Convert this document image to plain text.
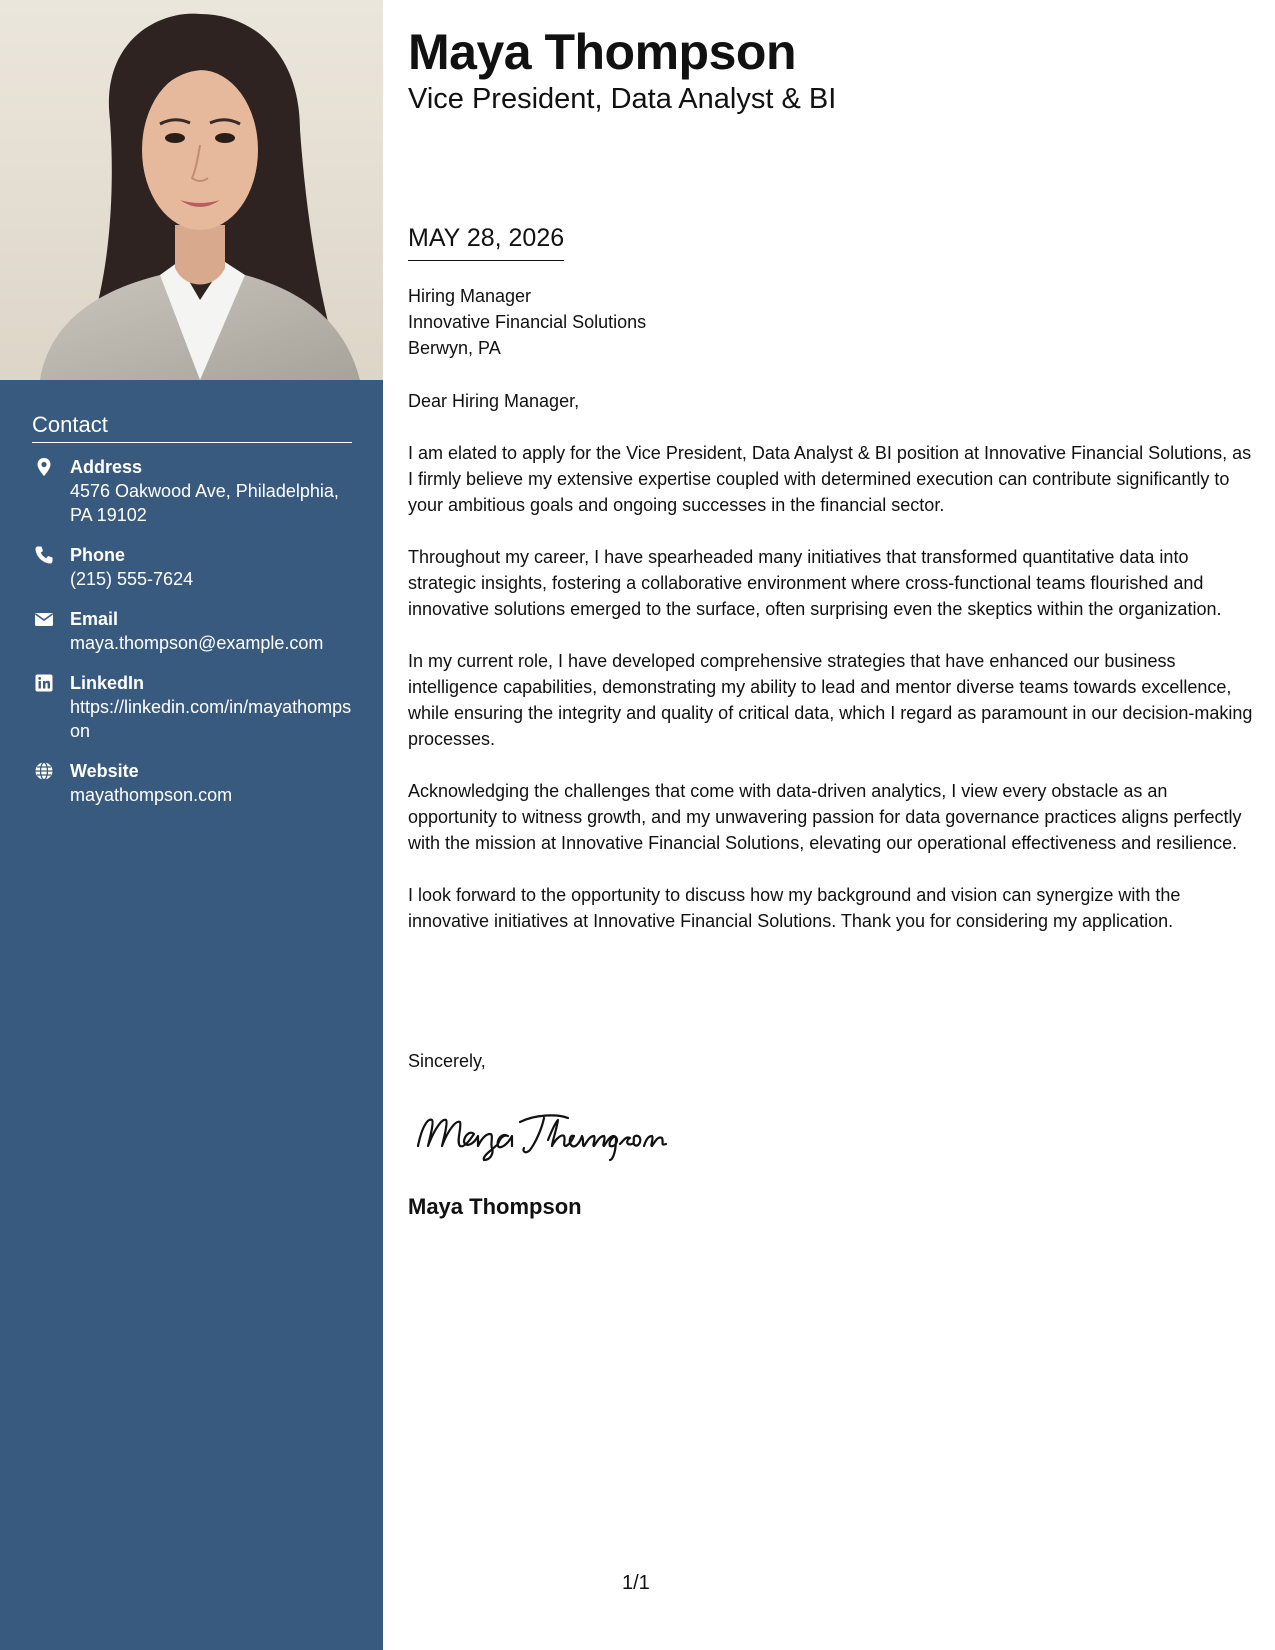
Contact
Address
4576 Oakwood Ave, Philadelphia, PA 19102
Phone
(215) 555-7624
Email
maya.thompson@example.com
LinkedIn
https://linkedin.com/in/mayathompson
Website
mayathompson.com
Maya Thompson
Vice President, Data Analyst & BI
MAY 28, 2026
Hiring Manager
Innovative Financial Solutions
Berwyn, PA

Dear Hiring Manager,

I am elated to apply for the Vice President, Data Analyst & BI position at Innovative Financial Solutions, as I firmly believe my extensive expertise coupled with determined execution can contribute significantly to your ambitious goals and ongoing successes in the financial sector.

Throughout my career, I have spearheaded many initiatives that transformed quantitative data into strategic insights, fostering a collaborative environment where cross-functional teams flourished and innovative solutions emerged to the surface, often surprising even the skeptics within the organization.

In my current role, I have developed comprehensive strategies that have enhanced our business intelligence capabilities, demonstrating my ability to lead and mentor diverse teams towards excellence, while ensuring the integrity and quality of critical data, which I regard as paramount in our decision-making processes.

Acknowledging the challenges that come with data-driven analytics, I view every obstacle as an opportunity to witness growth, and my unwavering passion for data governance practices aligns perfectly with the mission at Innovative Financial Solutions, elevating our operational effectiveness and resilience.

I look forward to the opportunity to discuss how my background and vision can synergize with the innovative initiatives at Innovative Financial Solutions. Thank you for considering my application.

Sincerely,
Maya Thompson
1/1
